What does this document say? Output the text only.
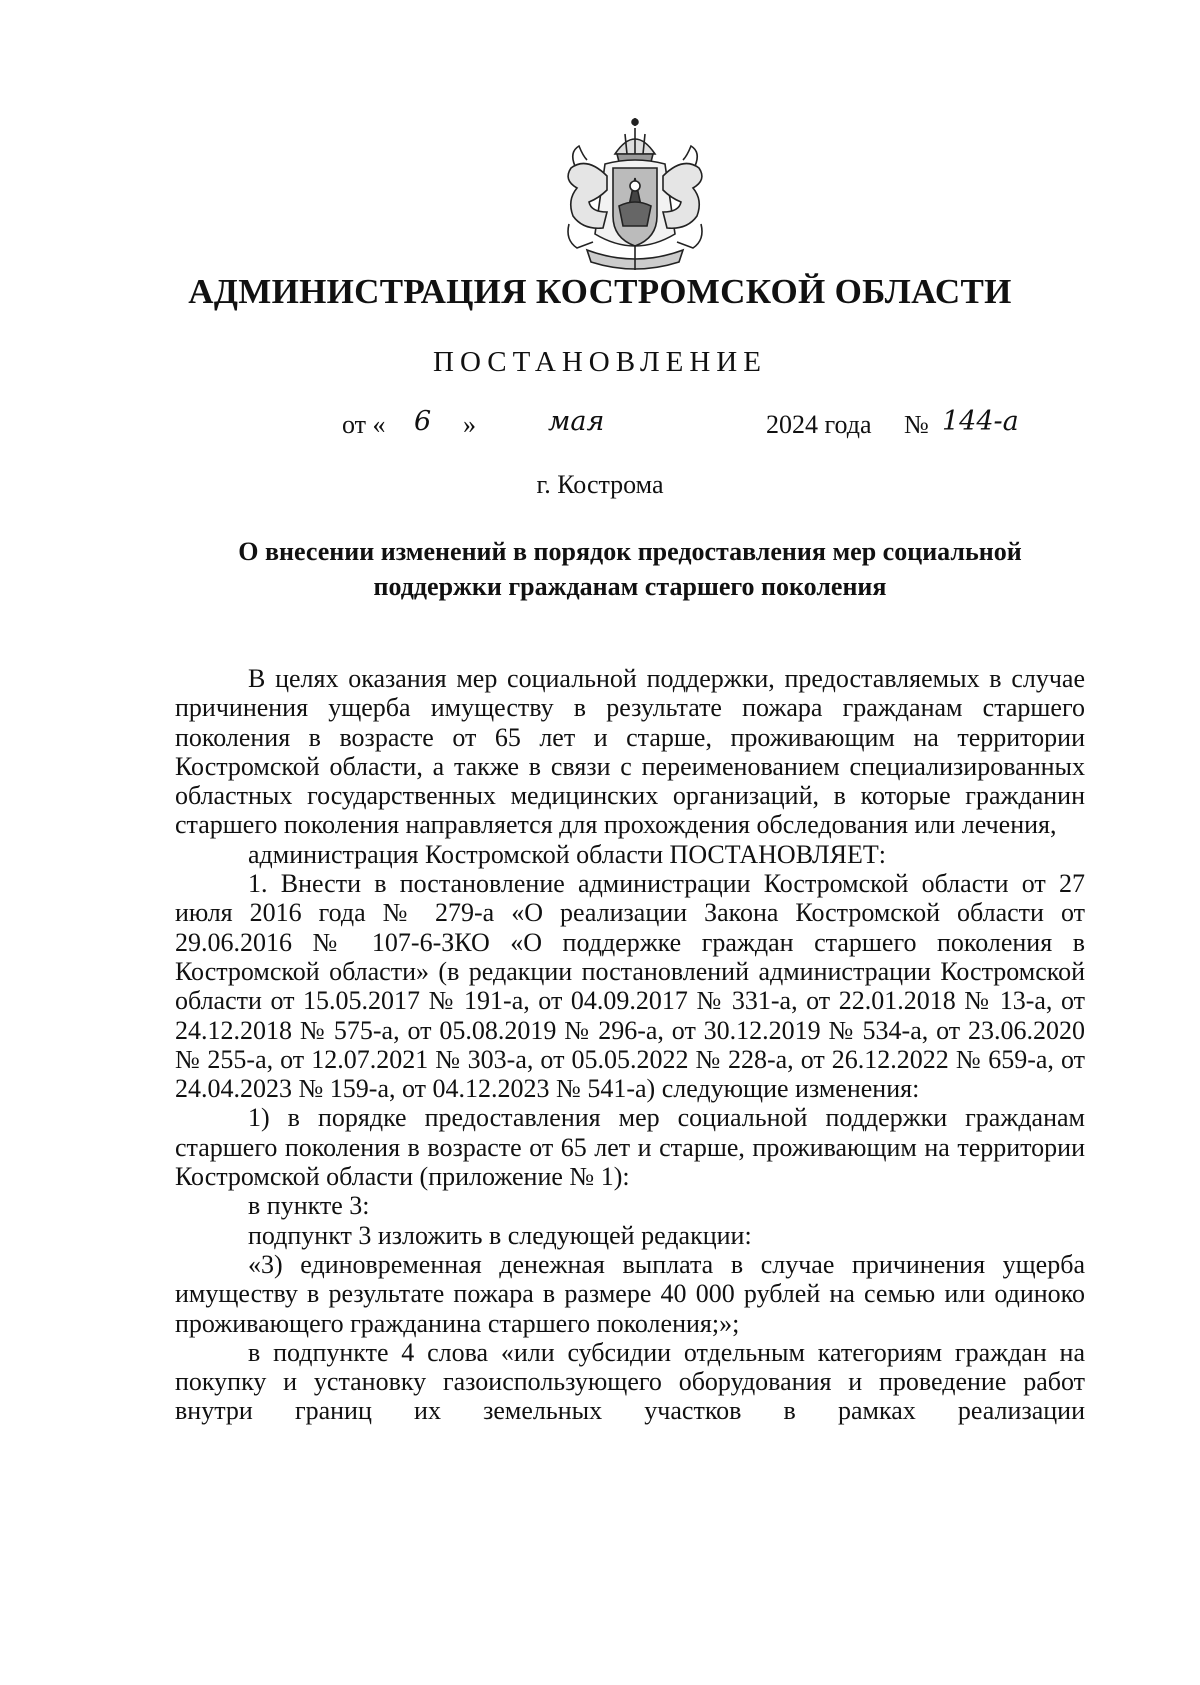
АДМИНИСТРАЦИЯ КОСТРОМСКОЙ ОБЛАСТИ
ПОСТАНОВЛЕНИЕ
от « 6 »	мая	2024 года № 144-а
г. Кострома
О внесении изменений в порядок предоставления мер социальной
поддержки гражданам старшего поколения

В целях оказания мер социальной поддержки, предоставляемых в случае причинения ущерба имуществу в результате пожара гражданам старшего поколения в возрасте от 65 лет и старше, проживающим на территории Костромской области, а также в связи с переименованием специализированных областных государственных медицинских организаций, в которые гражданин старшего поколения направляется для прохождения обследования или лечения,

администрация Костромской области ПОСТАНОВЛЯЕТ:

1. Внести в постановление администрации Костромской области от 27 июля 2016 года № 279-а «О реализации Закона Костромской области от 29.06.2016 № 107-6-ЗКО «О поддержке граждан старшего поколения в Костромской области» (в редакции постановлений администрации Костромской области от 15.05.2017 № 191-а, от 04.09.2017 № 331-а, от 22.01.2018 № 13-а, от 24.12.2018 № 575-а, от 05.08.2019 № 296-а, от 30.12.2019 № 534-а, от 23.06.2020 № 255-а, от 12.07.2021 № 303-а, от 05.05.2022 № 228-а, от 26.12.2022 № 659-а, от 24.04.2023 № 159-а, от 04.12.2023 № 541-а) следующие изменения:

1) в порядке предоставления мер социальной поддержки гражданам старшего поколения в возрасте от 65 лет и старше, проживающим на территории Костромской области (приложение № 1):

в пункте 3:

подпункт 3 изложить в следующей редакции:

«3) единовременная денежная выплата в случае причинения ущерба имуществу в результате пожара в размере 40 000 рублей на семью или одиноко проживающего гражданина старшего поколения;»;

в подпункте 4 слова «или субсидии отдельным категориям граждан на покупку и установку газоиспользующего оборудования и проведение работ внутри границ их земельных участков в рамках реализации
